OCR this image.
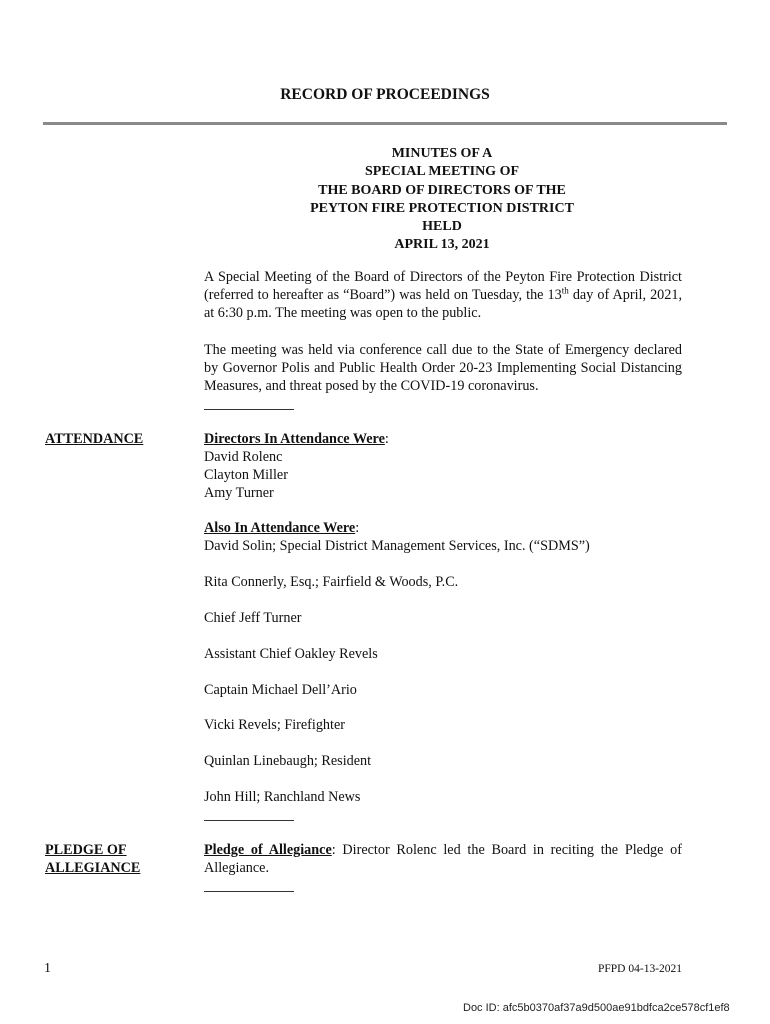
RECORD OF PROCEEDINGS
MINUTES OF A
SPECIAL MEETING OF
THE BOARD OF DIRECTORS OF THE
PEYTON FIRE PROTECTION DISTRICT
HELD
APRIL 13, 2021
A Special Meeting of the Board of Directors of the Peyton Fire Protection District (referred to hereafter as “Board”) was held on Tuesday, the 13th day of April, 2021, at 6:30 p.m. The meeting was open to the public.
The meeting was held via conference call due to the State of Emergency declared by Governor Polis and Public Health Order 20-23 Implementing Social Distancing Measures, and threat posed by the COVID-19 coronavirus.
ATTENDANCE	Directors In Attendance Were:
David Rolenc
Clayton Miller
Amy Turner
Also In Attendance Were:
David Solin; Special District Management Services, Inc. (“SDMS”)
Rita Connerly, Esq.; Fairfield & Woods, P.C.
Chief Jeff Turner
Assistant Chief Oakley Revels
Captain Michael Dell’Ario
Vicki Revels; Firefighter
Quinlan Linebaugh; Resident
John Hill; Ranchland News
PLEDGE OF
ALLEGIANCE
Pledge of Allegiance: Director Rolenc led the Board in reciting the Pledge of Allegiance.
1	PFPD 04-13-2021
Doc ID: afc5b0370af37a9d500ae91bdfca2ce578cf1ef8
